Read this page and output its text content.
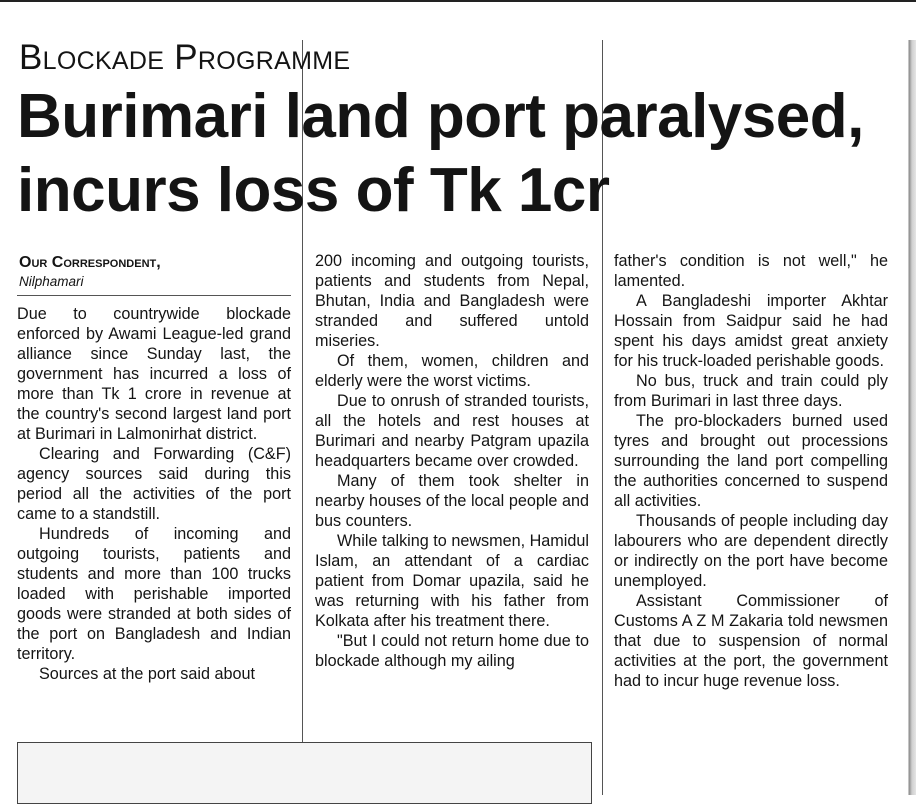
Blockade Programme
Burimari land port paralysed,
incurs loss of Tk 1cr
Our Correspondent,
Nilphamari

Due to countrywide blockade enforced by Awami League-led grand alliance since Sunday last, the government has incurred a loss of more than Tk 1 crore in revenue at the country's second largest land port at Burimari in Lalmonirhat district.

Clearing and Forwarding (C&F) agency sources said during this period all the activities of the port came to a standstill.

Hundreds of incoming and outgoing tourists, patients and students and more than 100 trucks loaded with perishable imported goods were stranded at both sides of the port on Bangladesh and Indian territory.

Sources at the port said about

200 incoming and outgoing tourists, patients and students from Nepal, Bhutan, India and Bangladesh were stranded and suffered untold miseries.

Of them, women, children and elderly were the worst victims.

Due to onrush of stranded tourists, all the hotels and rest houses at Burimari and nearby Patgram upazila headquarters became over crowded.

Many of them took shelter in nearby houses of the local people and bus counters.

While talking to newsmen, Hamidul Islam, an attendant of a cardiac patient from Domar upazila, said he was returning with his father from Kolkata after his treatment there.

"But I could not return home due to blockade although my ailing

father's condition is not well," he lamented.

A Bangladeshi importer Akhtar Hossain from Saidpur said he had spent his days amidst great anxiety for his truck-loaded perishable goods.

No bus, truck and train could ply from Burimari in last three days.

The pro-blockaders burned used tyres and brought out processions surrounding the land port compelling the authorities concerned to suspend all activities.

Thousands of people including day labourers who are dependent directly or indirectly on the port have become unemployed.

Assistant Commissioner of Customs A Z M Zakaria told newsmen that due to suspension of normal activities at the port, the government had to incur huge revenue loss.
